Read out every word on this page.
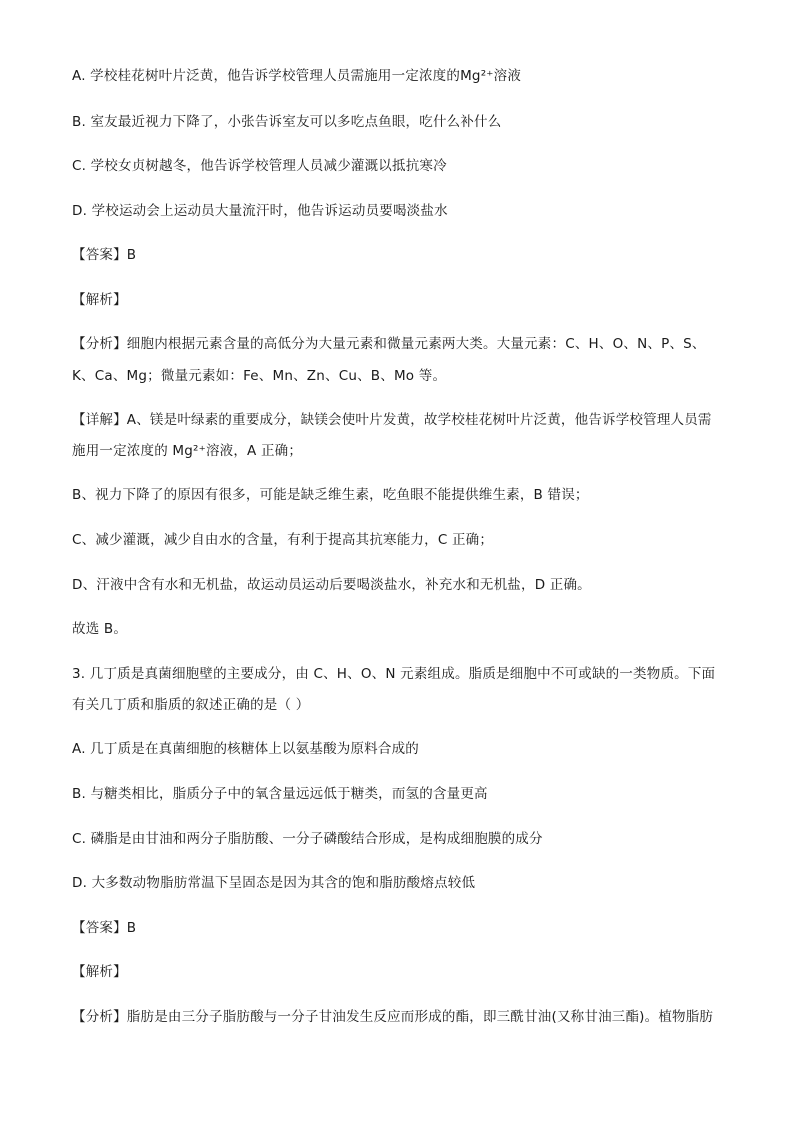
A. 学校桂花树叶片泛黄，他告诉学校管理人员需施用一定浓度的Mg²⁺溶液
B. 室友最近视力下降了，小张告诉室友可以多吃点鱼眼，吃什么补什么
C. 学校女贞树越冬，他告诉学校管理人员减少灌溉以抵抗寒冷
D. 学校运动会上运动员大量流汗时，他告诉运动员要喝淡盐水
【答案】B
【解析】
【分析】细胞内根据元素含量的高低分为大量元素和微量元素两大类。大量元素：C、H、O、N、P、S、
K、Ca、Mg；微量元素如：Fe、Mn、Zn、Cu、B、Mo 等。
【详解】A、镁是叶绿素的重要成分，缺镁会使叶片发黄，故学校桂花树叶片泛黄，他告诉学校管理人员需
施用一定浓度的 Mg²⁺溶液，A 正确；
B、视力下降了的原因有很多，可能是缺乏维生素，吃鱼眼不能提供维生素，B 错误；
C、减少灌溉，减少自由水的含量，有利于提高其抗寒能力，C 正确；
D、汗液中含有水和无机盐，故运动员运动后要喝淡盐水，补充水和无机盐，D 正确。
故选 B。
3. 几丁质是真菌细胞壁的主要成分，由 C、H、O、N 元素组成。脂质是细胞中不可或缺的一类物质。下面
有关几丁质和脂质的叙述正确的是（ ）
A. 几丁质是在真菌细胞的核糖体上以氨基酸为原料合成的
B. 与糖类相比，脂质分子中的氧含量远远低于糖类，而氢的含量更高
C. 磷脂是由甘油和两分子脂肪酸、一分子磷酸结合形成，是构成细胞膜的成分
D. 大多数动物脂肪常温下呈固态是因为其含的饱和脂肪酸熔点较低
【答案】B
【解析】
【分析】脂肪是由三分子脂肪酸与一分子甘油发生反应而形成的酯，即三酰甘油(又称甘油三酯)。植物脂肪
